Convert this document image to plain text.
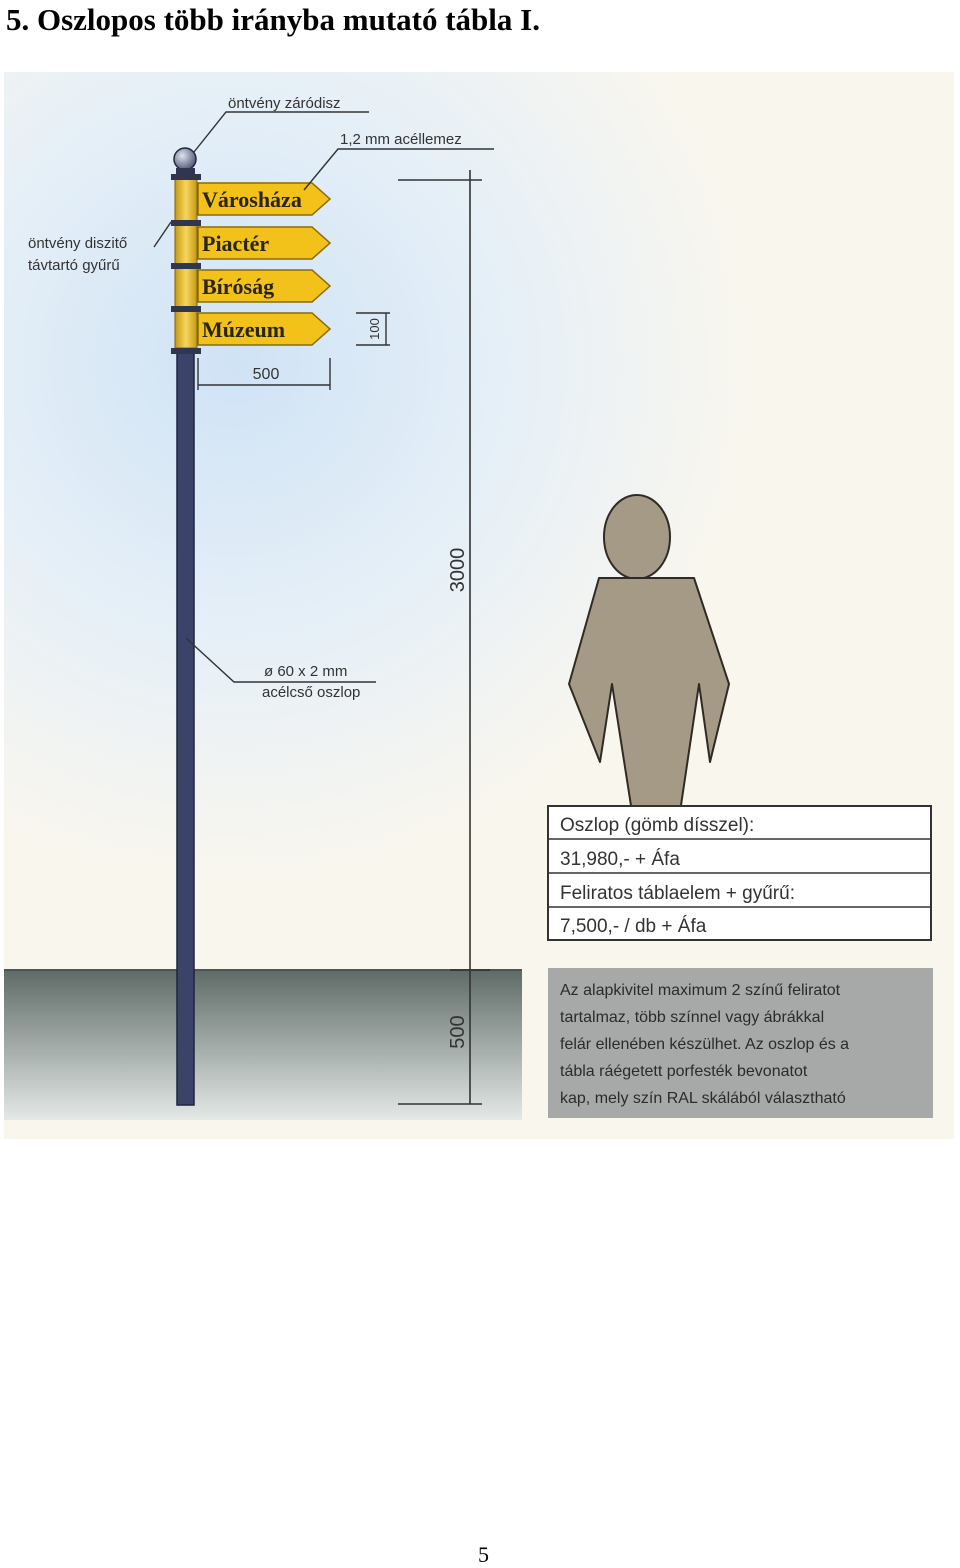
5. Oszlopos több irányba mutató tábla I.
Városháza
Piactér
Bíróság
Múzeum
öntvény záródisz
1,2 mm acéllemez
öntvény diszitő
távtartó gyűrű
ø 60 x 2 mm
acélcső oszlop
100
500
3000
500
Oszlop (gömb dísszel):
31,980,- + Áfa
Feliratos táblaelem + gyűrű:
7,500,- / db + Áfa
Az alapkivitel maximum 2 színű feliratot
tartalmaz, több színnel vagy ábrákkal
felár ellenében készülhet. Az oszlop és a
tábla ráégetett porfesték bevonatot
kap, mely szín RAL skálából választható
5
